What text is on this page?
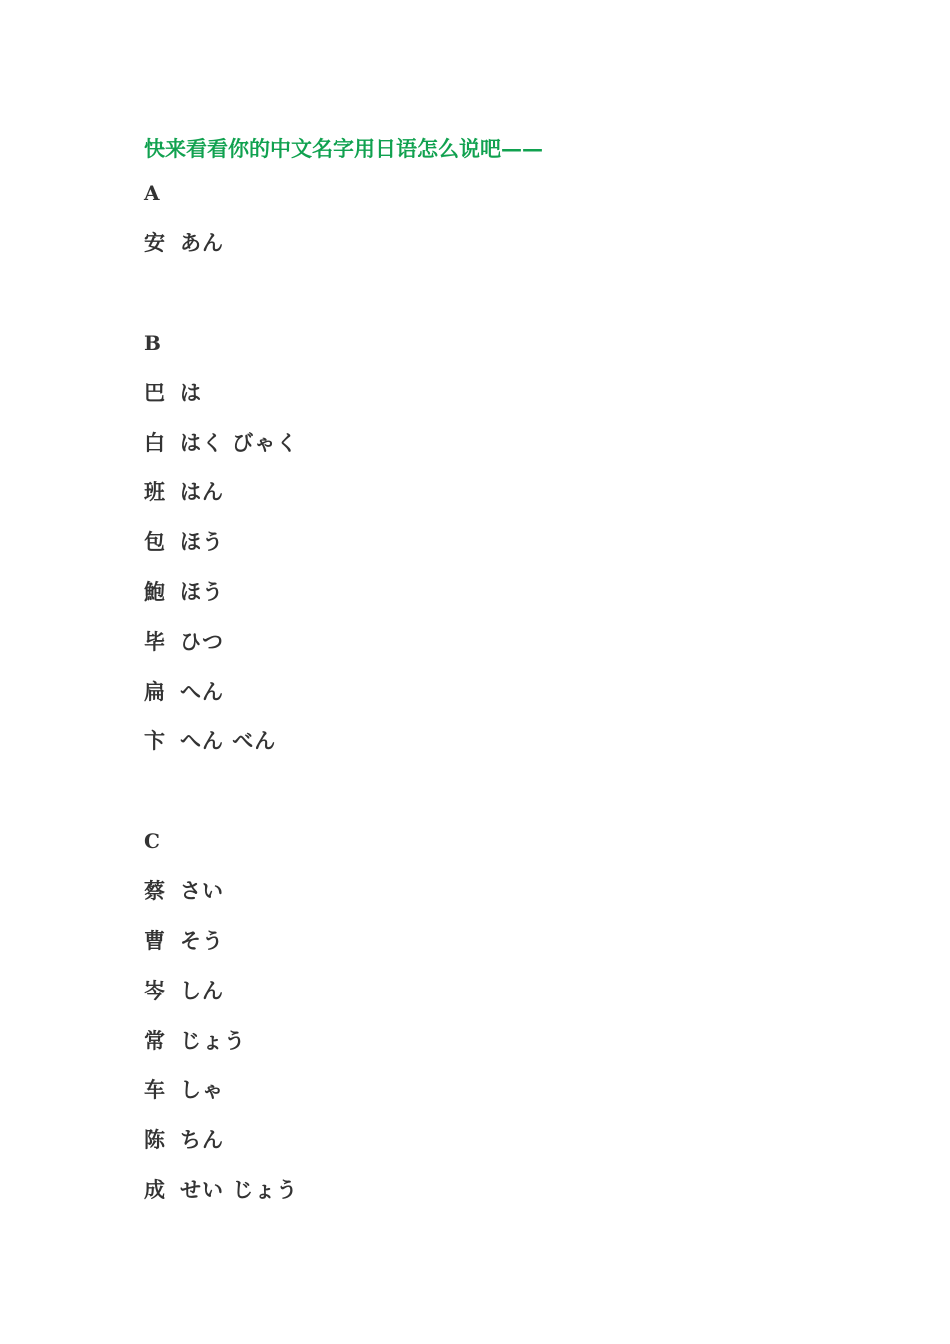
快来看看你的中文名字用日语怎么说吧——
A
安 あん
B
巴 は
白 はく びゃく
班 はん
包 ほう
鮑 ほう
毕 ひつ
扁 へん
卞 へん べん
C
蔡 さい
曹 そう
岑 しん
常 じょう
车 しゃ
陈 ちん
成 せい じょう
